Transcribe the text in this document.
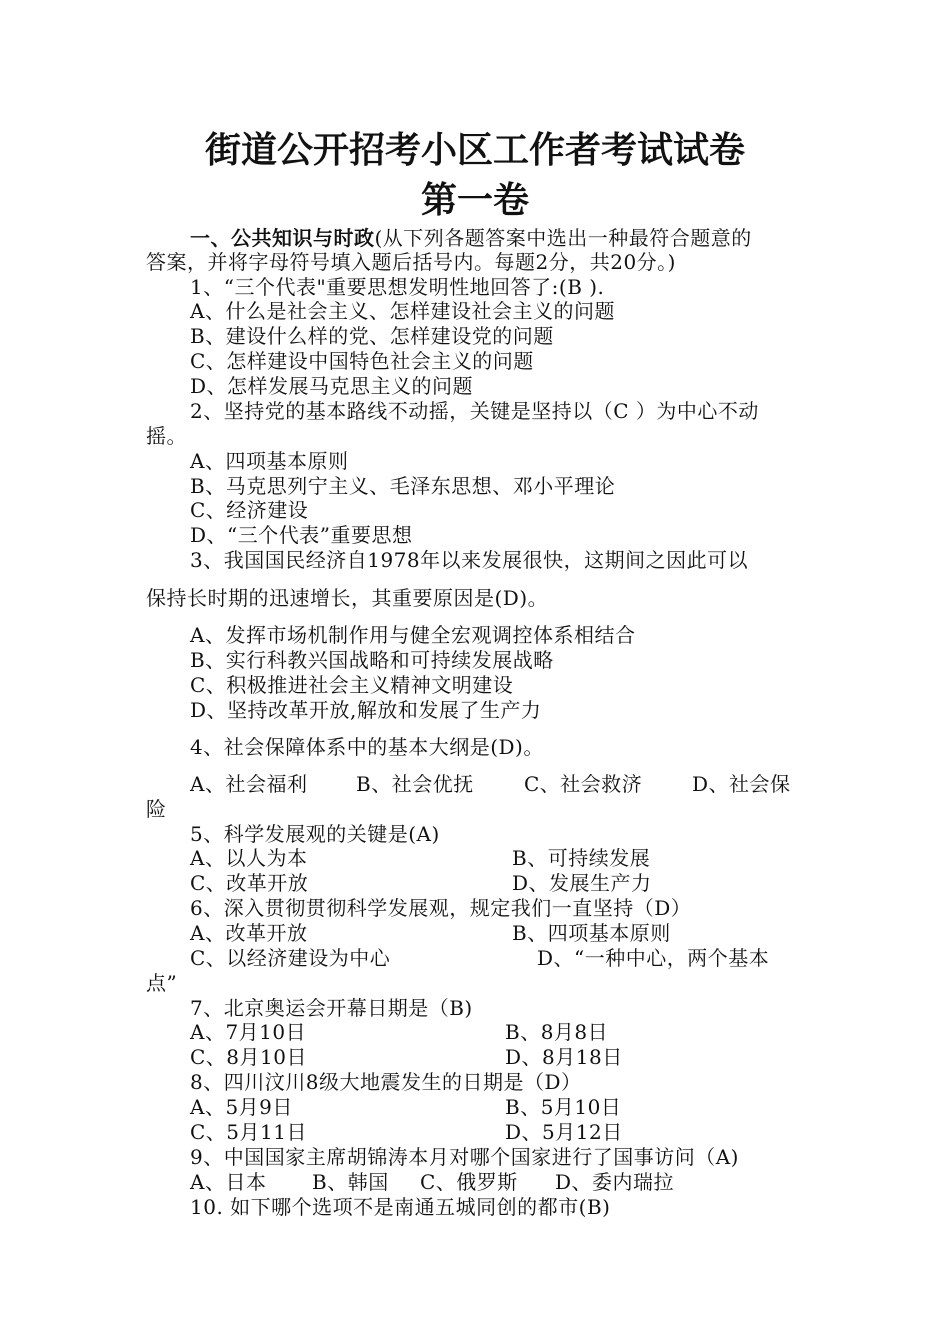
街道公开招考小区工作者考试试卷
第一卷
一、公共知识与时政(从下列各题答案中选出一种最符合题意的
答案，并将字母符号填入题后括号内。每题2分，共20分。)
1、“三个代表"重要思想发明性地回答了:(B ).
A、什么是社会主义、怎样建设社会主义的问题
B、建设什么样的党、怎样建设党的问题
C、怎样建设中国特色社会主义的问题
D、怎样发展马克思主义的问题
2、坚持党的基本路线不动摇，关键是坚持以（C ）为中心不动
摇。
A、四项基本原则
B、马克思列宁主义、毛泽东思想、邓小平理论
C、经济建设
D、“三个代表”重要思想
3、我国国民经济自1978年以来发展很快，这期间之因此可以
保持长时期的迅速增长，其重要原因是(D)。
A、发挥市场机制作用与健全宏观调控体系相结合
B、实行科教兴国战略和可持续发展战略
C、积极推进社会主义精神文明建设
D、坚持改革开放,解放和发展了生产力
4、社会保障体系中的基本大纲是(D)。
A、社会福利 B、社会优抚	C、社会救济 D、社会保
险
5、科学发展观的关键是(A)
A、以人为本	B、可持续发展
C、改革开放	D、发展生产力
6、深入贯彻贯彻科学发展观，规定我们一直坚持（D）
A、改革开放	B、四项基本原则
C、以经济建设为中心	D、“一种中心，两个基本
点”
7、北京奥运会开幕日期是（B)
A、7月10日	B、8月8日
C、8月10日	D、8月18日
8、四川汶川8级大地震发生的日期是（D）
A、5月9日	B、5月10日
C、5月11日	D、5月12日
9、中国国家主席胡锦涛本月对哪个国家进行了国事访问（A)
A、日本 B、韩国 C、俄罗斯 D、委内瑞拉
10. 如下哪个选项不是南通五城同创的都市(B)
